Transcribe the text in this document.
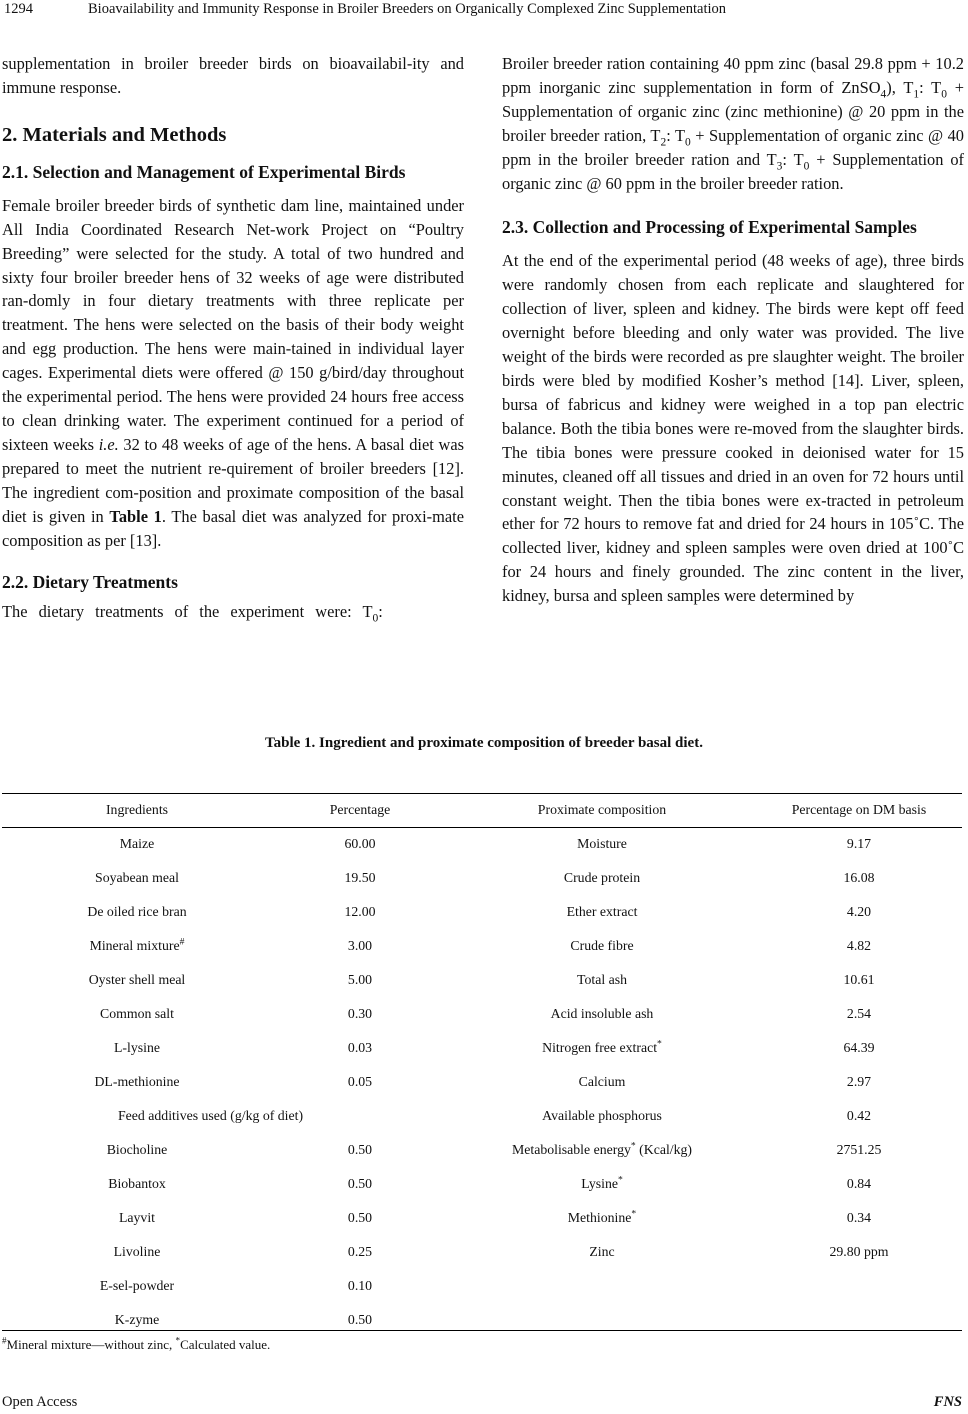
1294	Bioavailability and Immunity Response in Broiler Breeders on Organically Complexed Zinc Supplementation

supplementation in broiler breeder birds on bioavailabil-ity and immune response.

2. Materials and Methods
2.1. Selection and Management of Experimental Birds

Female broiler breeder birds of synthetic dam line, maintained under All India Coordinated Research Net-work Project on “Poultry Breeding” were selected for the study. A total of two hundred and sixty four broiler breeder hens of 32 weeks of age were distributed ran-domly in four dietary treatments with three replicate per treatment. The hens were selected on the basis of their body weight and egg production. The hens were main-tained in individual layer cages. Experimental diets were offered @ 150 g/bird/day throughout the experimental period. The hens were provided 24 hours free access to clean drinking water. The experiment continued for a period of sixteen weeks i.e. 32 to 48 weeks of age of the hens. A basal diet was prepared to meet the nutrient re-quirement of broiler breeders [12]. The ingredient com-position and proximate composition of the basal diet is given in Table 1. The basal diet was analyzed for proxi-mate composition as per [13].

2.2. Dietary Treatments

The dietary treatments of the experiment were: $T_0$:

Broiler breeder ration containing 40 ppm zinc (basal 29.8 ppm + 10.2 ppm inorganic zinc supplementation in form of ZnSO$_4$), $T_1$: $T_0$ + Supplementation of organic zinc (zinc methionine) @ 20 ppm in the broiler breeder ration, $T_2$: $T_0$ + Supplementation of organic zinc @ 40 ppm in the broiler breeder ration and $T_3$: $T_0$ + Supplementation of organic zinc @ 60 ppm in the broiler breeder ration.

2.3. Collection and Processing of Experimental Samples

At the end of the experimental period (48 weeks of age), three birds were randomly chosen from each replicate and slaughtered for collection of liver, spleen and kidney. The birds were kept off feed overnight before bleeding and only water was provided. The live weight of the birds were recorded as pre slaughter weight. The broiler birds were bled by modified Kosher’s method [14]. Liver, spleen, bursa of fabricus and kidney were weighed in a top pan electric balance. Both the tibia bones were re-moved from the slaughter birds. The tibia bones were pressure cooked in deionised water for 15 minutes, cleaned off all tissues and dried in an oven for 72 hours until constant weight. Then the tibia bones were ex-tracted in petroleum ether for 72 hours to remove fat and dried for 24 hours in 105˚C. The collected liver, kidney and spleen samples were oven dried at 100˚C for 24 hours and finely grounded. The zinc content in the liver, kidney, bursa and spleen samples were determined by

Table 1. Ingredient and proximate composition of breeder basal diet.
Ingredients	Percentage	Proximate composition	Percentage on DM basis
Maize	60.00	Moisture	9.17
Soyabean meal	19.50	Crude protein	16.08
De oiled rice bran	12.00	Ether extract	4.20
Mineral mixture#	3.00	Crude fibre	4.82
Oyster shell meal	5.00	Total ash	10.61
Common salt	0.30	Acid insoluble ash	2.54
L-lysine	0.03	Nitrogen free extract*	64.39
DL-methionine	0.05	Calcium	2.97
Feed additives used (g/kg of diet)		Available phosphorus	0.42
Biocholine	0.50	Metabolisable energy* (Kcal/kg)	2751.25
Biobantox	0.50	Lysine*	0.84
Layvit	0.50	Methionine*	0.34
Livoline	0.25	Zinc	29.80 ppm
E-sel-powder	0.10		
K-zyme	0.50		
#Mineral mixture—without zinc, *Calculated value.
Open Access	FNS
